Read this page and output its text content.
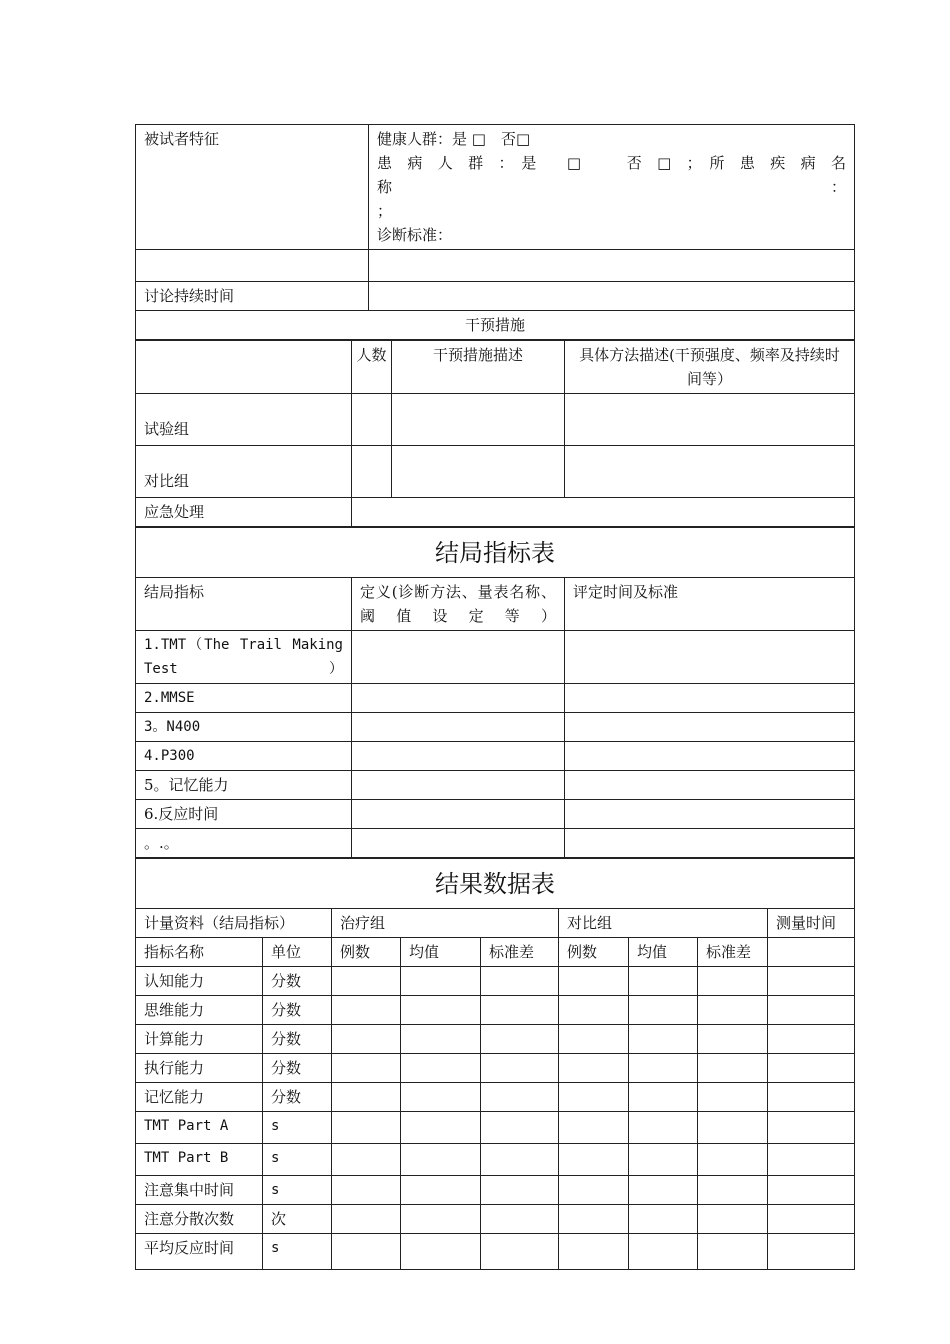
被试者特征	健康人群：是 □　否□
患　病　人　群　：　是　　□　　　否　□　；　所　患　疾　病　名　称　：
；
诊断标准：

讨论持续时间	
干预措施	
	人数	干预措施描述	具体方法描述(干预强度、频率及持续时间等）
试验组			
对比组			
应急处理			
结局指标表		
结局指标	定义(诊断方法、量表名称、阈值设定等）	评定时间及标准
1.TMT（The Trail Making Test）		
2.MMSE		
3。N400		
4.P300		
5。记忆能力		
6.反应时间		
。.。		
结果数据表								
计量资料（结局指标）		治疗组			对比组			测量时间
指标名称	单位	例数	均值	标准差	例数	均值	标准差	
认知能力	分数							
思维能力	分数							
计算能力	分数							
执行能力	分数							
记忆能力	分数							
TMT Part A	s							
TMT Part B	s							
注意集中时间	s							
注意分散次数	次							
平均反应时间	s							
